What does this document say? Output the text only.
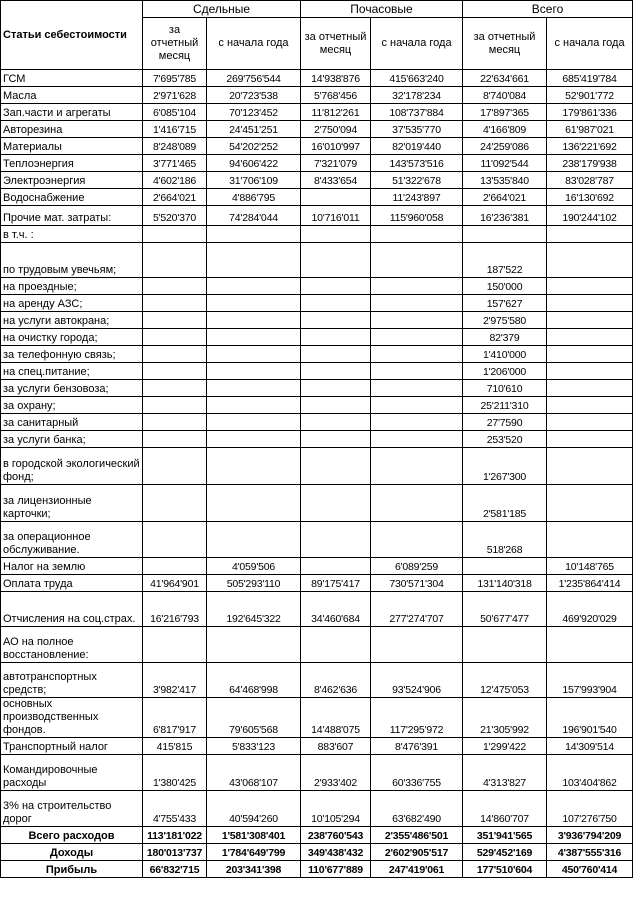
Статьи себестоимости	Сдельные		Почасовые		Всего	
	за отчетный месяц	с начала года	за отчетный месяц	с начала года	за отчетный месяц	с начала года
ГСМ	7'695'785	269'756'544	14'938'876	415'663'240	22'634'661	685'419'784
Масла	2'971'628	20'723'538	5'768'456	32'178'234	8'740'084	52'901'772
Зап.части и агрегаты	6'085'104	70'123'452	11'812'261	108'737'884	17'897'365	179'861'336
Авторезина	1'416'715	24'451'251	2'750'094	37'535'770	4'166'809	61'987'021
Материалы	8'248'089	54'202'252	16'010'997	82'019'440	24'259'086	136'221'692
Теплоэнергия	3'771'465	94'606'422	7'321'079	143'573'516	11'092'544	238'179'938
Электроэнергия	4'602'186	31'706'109	8'433'654	51'322'678	13'535'840	83'028'787
Водоснабжение	2'664'021	4'886'795		11'243'897	2'664'021	16'130'692
Прочие мат. затраты:	5'520'370	74'284'044	10'716'011	115'960'058	16'236'381	190'244'102
в т.ч. :						
по трудовым увечьям;					187'522	
на проездные;					150'000	
на аренду АЗС;					157'627	
на услуги автокрана;					2'975'580	
на очистку города;					82'379	
за телефонную связь;					1'410'000	
на спец.питание;					1'206'000	
за услуги бензовоза;					710'610	
за охрану;					25'211'310	
за санитарный					27'7590	
за услуги банка;					253'520	
в городской экологический фонд;					1'267'300	
за лицензионные карточки;					2'581'185	
за операционное обслуживание.					518'268	
Налог на землю		4'059'506		6'089'259		10'148'765
Оплата труда	41'964'901	505'293'110	89'175'417	730'571'304	131'140'318	1'235'864'414
Отчисления на соц.страх.	16'216'793	192'645'322	34'460'684	277'274'707	50'677'477	469'920'029
АО на полное восстановление:						
автотранспортных средств;	3'982'417	64'468'998	8'462'636	93'524'906	12'475'053	157'993'904
основных производственных фондов.	6'817'917	79'605'568	14'488'075	117'295'972	21'305'992	196'901'540
Транспортный налог	415'815	5'833'123	883'607	8'476'391	1'299'422	14'309'514
Командировочные расходы	1'380'425	43'068'107	2'933'402	60'336'755	4'313'827	103'404'862
3% на строительство дорог	4'755'433	40'594'260	10'105'294	63'682'490	14'860'707	107'276'750
Всего расходов	113'181'022	1'581'308'401	238'760'543	2'355'486'501	351'941'565	3'936'794'209
Доходы	180'013'737	1'784'649'799	349'438'432	2'602'905'517	529'452'169	4'387'555'316
Прибыль	66'832'715	203'341'398	110'677'889	247'419'061	177'510'604	450'760'414
